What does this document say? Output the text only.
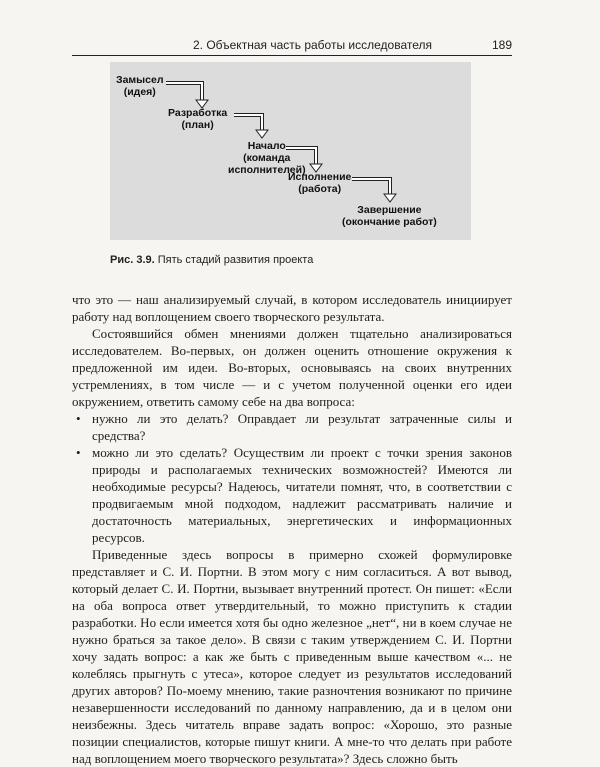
2. Объектная часть работы исследователя	189
Замысел
(идея)
Разработка
(план)
Начало
(команда
исполнителей)
Исполнение
(работа)
Завершение
(окончание работ)
Рис. 3.9. Пять стадий развития проекта

что это — наш анализируемый случай, в котором исследователь инициирует работу над воплощением своего творческого результата.

Состоявшийся обмен мнениями должен тщательно анализироваться исследователем. Во-первых, он должен оценить отношение окружения к предложенной им идеи. Во-вторых, основываясь на своих внутренних устремлениях, в том числе — и с учетом полученной оценки его идеи окружением, ответить самому себе на два вопроса:

• нужно ли это делать? Оправдает ли результат затраченные силы и средства?
• можно ли это сделать? Осуществим ли проект с точки зрения законов природы и располагаемых технических возможностей? Имеются ли необходимые ресурсы? Надеюсь, читатели помнят, что, в соответствии с продвигаемым мной подходом, надлежит рассматривать наличие и достаточность материальных, энергетических и информационных ресурсов.

Приведенные здесь вопросы в примерно схожей формулировке представляет и С. И. Портни. В этом могу с ним согласиться. А вот вывод, который делает С. И. Портни, вызывает внутренний протест. Он пишет: «Если на оба вопроса ответ утвердительный, то можно приступить к стадии разработки. Но если имеется хотя бы одно железное „нет“, ни в коем случае не нужно браться за такое дело». В связи с таким утверждением С. И. Портни хочу задать вопрос: а как же быть с приведенным выше качеством «... не колеблясь прыгнуть с утеса», которое следует из результатов исследований других авторов? По-моему мнению, такие разночтения возникают по причине незавершенности исследований по данному направлению, да и в целом они неизбежны. Здесь читатель вправе задать вопрос: «Хорошо, это разные позиции специалистов, которые пишут книги. А мне-то что делать при работе над воплощением моего творческого результата»? Здесь сложно быть
